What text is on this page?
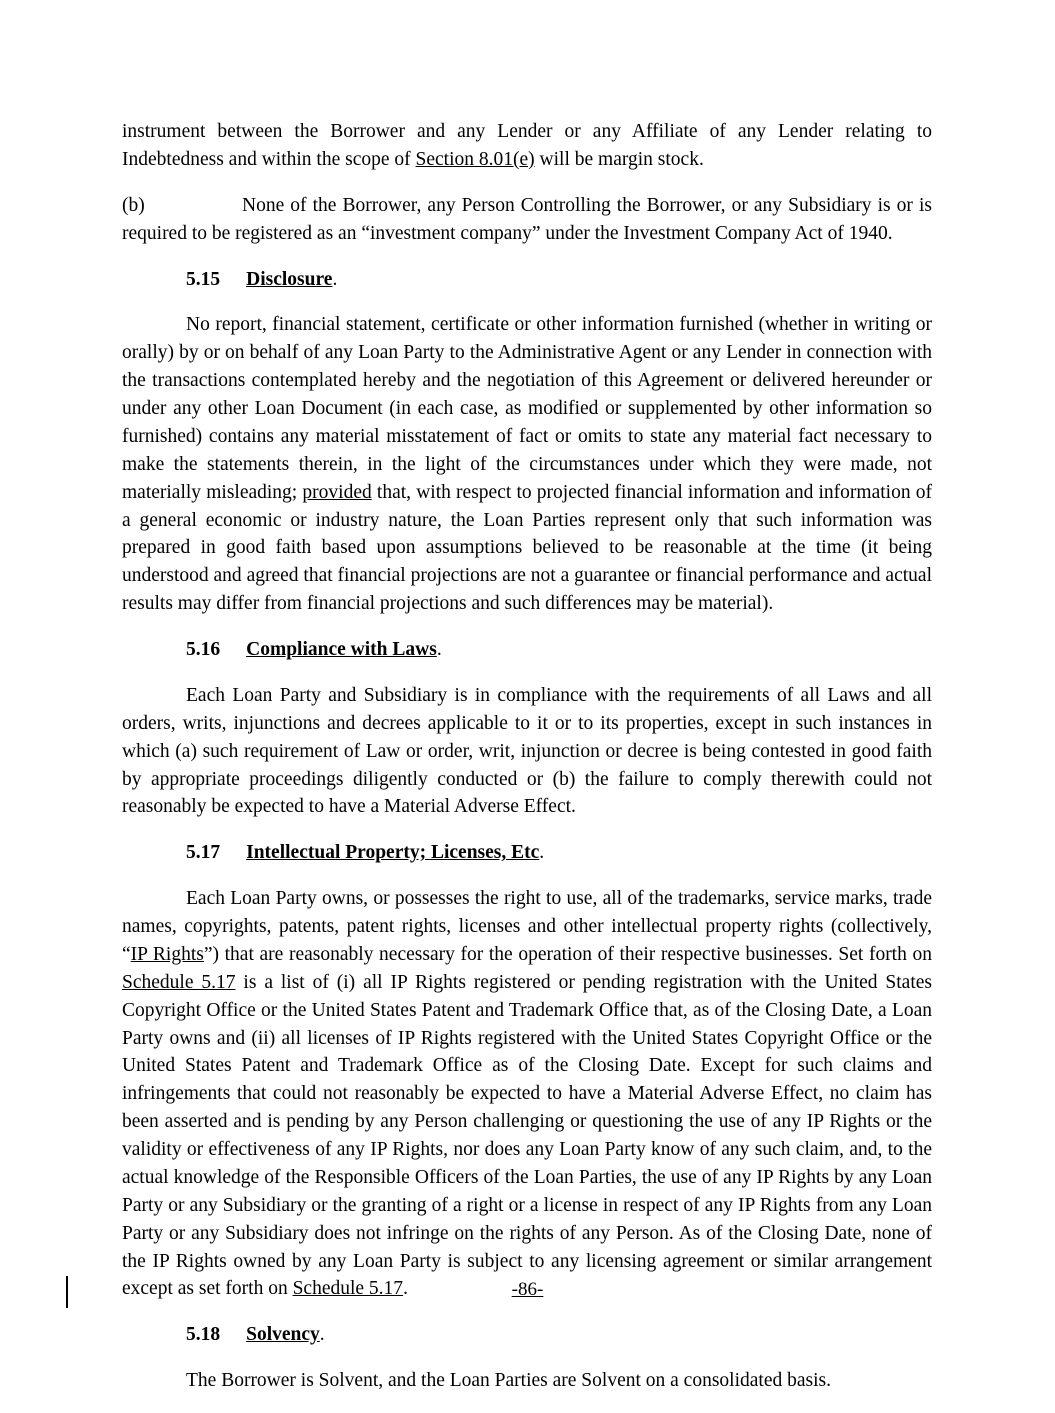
instrument between the Borrower and any Lender or any Affiliate of any Lender relating to Indebtedness and within the scope of Section 8.01(e) will be margin stock.

(b)	None of the Borrower, any Person Controlling the Borrower, or any Subsidiary is or is required to be registered as an “investment company” under the Investment Company Act of 1940.

5.15 Disclosure.

No report, financial statement, certificate or other information furnished (whether in writing or orally) by or on behalf of any Loan Party to the Administrative Agent or any Lender in connection with the transactions contemplated hereby and the negotiation of this Agreement or delivered hereunder or under any other Loan Document (in each case, as modified or supplemented by other information so furnished) contains any material misstatement of fact or omits to state any material fact necessary to make the statements therein, in the light of the circumstances under which they were made, not materially misleading; provided that, with respect to projected financial information and information of a general economic or industry nature, the Loan Parties represent only that such information was prepared in good faith based upon assumptions believed to be reasonable at the time (it being understood and agreed that financial projections are not a guarantee or financial performance and actual results may differ from financial projections and such differences may be material).

5.16 Compliance with Laws.

Each Loan Party and Subsidiary is in compliance with the requirements of all Laws and all orders, writs, injunctions and decrees applicable to it or to its properties, except in such instances in which (a) such requirement of Law or order, writ, injunction or decree is being contested in good faith by appropriate proceedings diligently conducted or (b) the failure to comply therewith could not reasonably be expected to have a Material Adverse Effect.

5.17 Intellectual Property; Licenses, Etc.

Each Loan Party owns, or possesses the right to use, all of the trademarks, service marks, trade names, copyrights, patents, patent rights, licenses and other intellectual property rights (collectively, “IP Rights”) that are reasonably necessary for the operation of their respective businesses. Set forth on Schedule 5.17 is a list of (i) all IP Rights registered or pending registration with the United States Copyright Office or the United States Patent and Trademark Office that, as of the Closing Date, a Loan Party owns and (ii) all licenses of IP Rights registered with the United States Copyright Office or the United States Patent and Trademark Office as of the Closing Date. Except for such claims and infringements that could not reasonably be expected to have a Material Adverse Effect, no claim has been asserted and is pending by any Person challenging or questioning the use of any IP Rights or the validity or effectiveness of any IP Rights, nor does any Loan Party know of any such claim, and, to the actual knowledge of the Responsible Officers of the Loan Parties, the use of any IP Rights by any Loan Party or any Subsidiary or the granting of a right or a license in respect of any IP Rights from any Loan Party or any Subsidiary does not infringe on the rights of any Person. As of the Closing Date, none of the IP Rights owned by any Loan Party is subject to any licensing agreement or similar arrangement except as set forth on Schedule 5.17.

5.18 Solvency.

The Borrower is Solvent, and the Loan Parties are Solvent on a consolidated basis.

-86-
